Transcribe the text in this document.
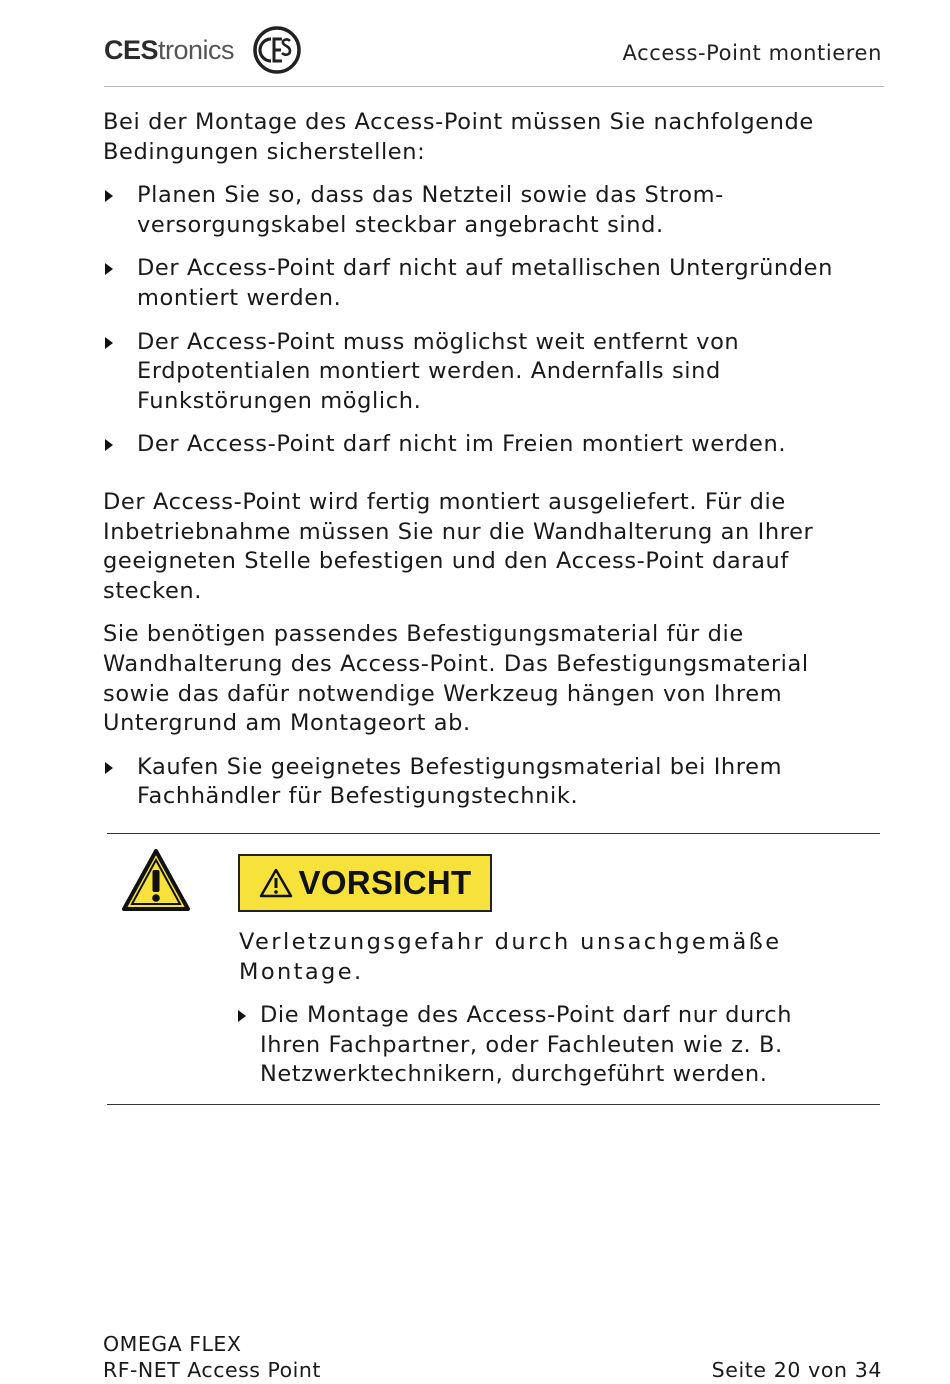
CEStronics	Access-Point montieren

Bei der Montage des Access-Point müssen Sie nachfolgende Bedingungen sicherstellen:

Planen Sie so, dass das Netzteil sowie das Strom-versorgungskabel steckbar angebracht sind.
Der Access-Point darf nicht auf metallischen Untergründen montiert werden.
Der Access-Point muss möglichst weit entfernt von Erdpotentialen montiert werden. Andernfalls sind Funkstörungen möglich.
Der Access-Point darf nicht im Freien montiert werden.

Der Access-Point wird fertig montiert ausgeliefert. Für die Inbetriebnahme müssen Sie nur die Wandhalterung an Ihrer geeigneten Stelle befestigen und den Access-Point darauf stecken.

Sie benötigen passendes Befestigungsmaterial für die Wandhalterung des Access-Point. Das Befestigungsmaterial sowie das dafür notwendige Werkzeug hängen von Ihrem Untergrund am Montageort ab.

Kaufen Sie geeignetes Befestigungsmaterial bei Ihrem Fachhändler für Befestigungstechnik.
VORSICHT

Verletzungsgefahr durch unsachgemäße Montage.

Die Montage des Access-Point darf nur durch Ihren Fachpartner, oder Fachleuten wie z. B. Netzwerktechnikern, durchgeführt werden.
OMEGA FLEX
RF-NET Access Point	Seite 20 von 34
